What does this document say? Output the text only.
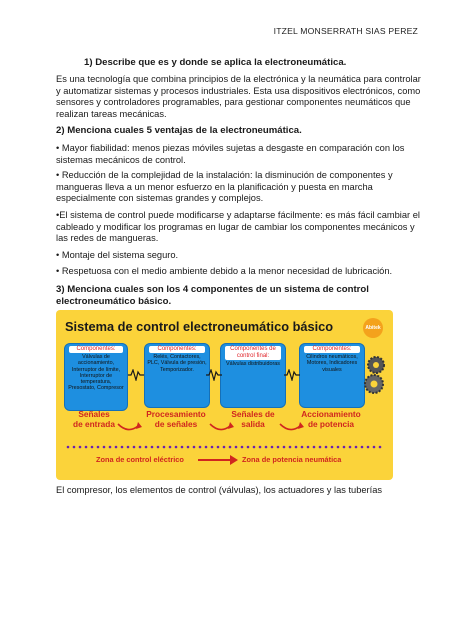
ITZEL MONSERRATH SIAS PEREZ
1) Describe que es y donde se aplica la electroneumática.

Es una tecnología que combina principios de la electrónica y la neumática para controlar y automatizar sistemas y procesos industriales. Esta usa dispositivos electrónicos, como sensores y controladores programables, para gestionar componentes neumáticos que realizan tareas mecánicas.

2) Menciona cuales 5 ventajas de la electroneumática.
• Mayor fiabilidad: menos piezas móviles sujetas a desgaste en comparación con los sistemas mecánicos de control.
• Reducción de la complejidad de la instalación: la disminución de componentes y mangueras lleva a un menor esfuerzo en la planificación y puesta en marcha especialmente con sistemas grandes y complejos.
•El sistema de control puede modificarse y adaptarse fácilmente: es más fácil cambiar el cableado y modificar los programas en lugar de cambiar los componentes mecánicos y las redes de mangueras.
• Montaje del sistema seguro.
• Respetuosa con el medio ambiente debido a la menor necesidad de lubricación.
3) Menciona cuales son los 4 componentes de un sistema de control electroneumático básico.
Sistema de control electroneumático básico	Abitek
Componentes:
Válvulas de accionamiento, Interruptor de límite, Interruptor de temperatura, Presostato, Compresor
Componentes:
Relés, Contactores, PLC, Válvula de presión, Temporizador.
Componentes de control final:
Válvulas distribuidoras
Componentes:
Cilindros neumáticos, Motores, Indicadores visuales
Señales
de entrada
Procesamiento
de señales
Señales de
salida
Accionamiento
de potencia
Zona de control eléctrico	Zona de potencia neumática
El compresor, los elementos de control (válvulas), los actuadores y las tuberías
